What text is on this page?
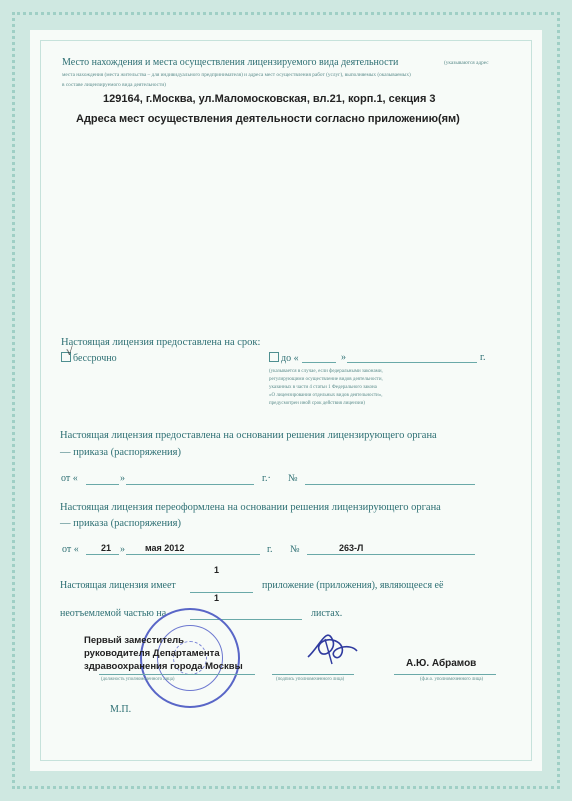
Место нахождения и места осуществления лицензируемого вида деятельности	(указываются адрес
места нахождения (места жительства – для индивидуального предпринимателя) и адреса мест осуществления работ (услуг), выполняемых (оказываемых)
в составе лицензируемого вида деятельности)
129164, г.Москва, ул.Маломосковская, вл.21, корп.1, секция 3
Адреса мест осуществления деятельности согласно приложению(ям)
Настоящая лицензия предоставлена на срок:
бессрочно
√
до «	»	г.
(указывается в случае, если федеральными законами,
регулирующими осуществление видов деятельности,
указанных в части 4 статьи 1 Федерального закона
«О лицензировании отдельных видов деятельности»,
предусмотрен иной срок действия лицензии)
Настоящая лицензия предоставлена на основании решения лицензирующего органа
— приказа (распоряжения)
от «	»	г.· №
Настоящая лицензия переоформлена на основании решения лицензирующего органа
— приказа (распоряжения)
от « 21 » мая 2012	г. №	263-Л
1
Настоящая лицензия имеет	приложение (приложения), являющееся её
1
неотъемлемой частью на	листах.
Первый заместитель
руководителя Департамента
здравоохранения города Москвы	А.Ю. Абрамов
(должность уполномоченного лица)	(подпись уполномоченного лица)	(ф.и.о. уполномоченного лица)
М.П.
